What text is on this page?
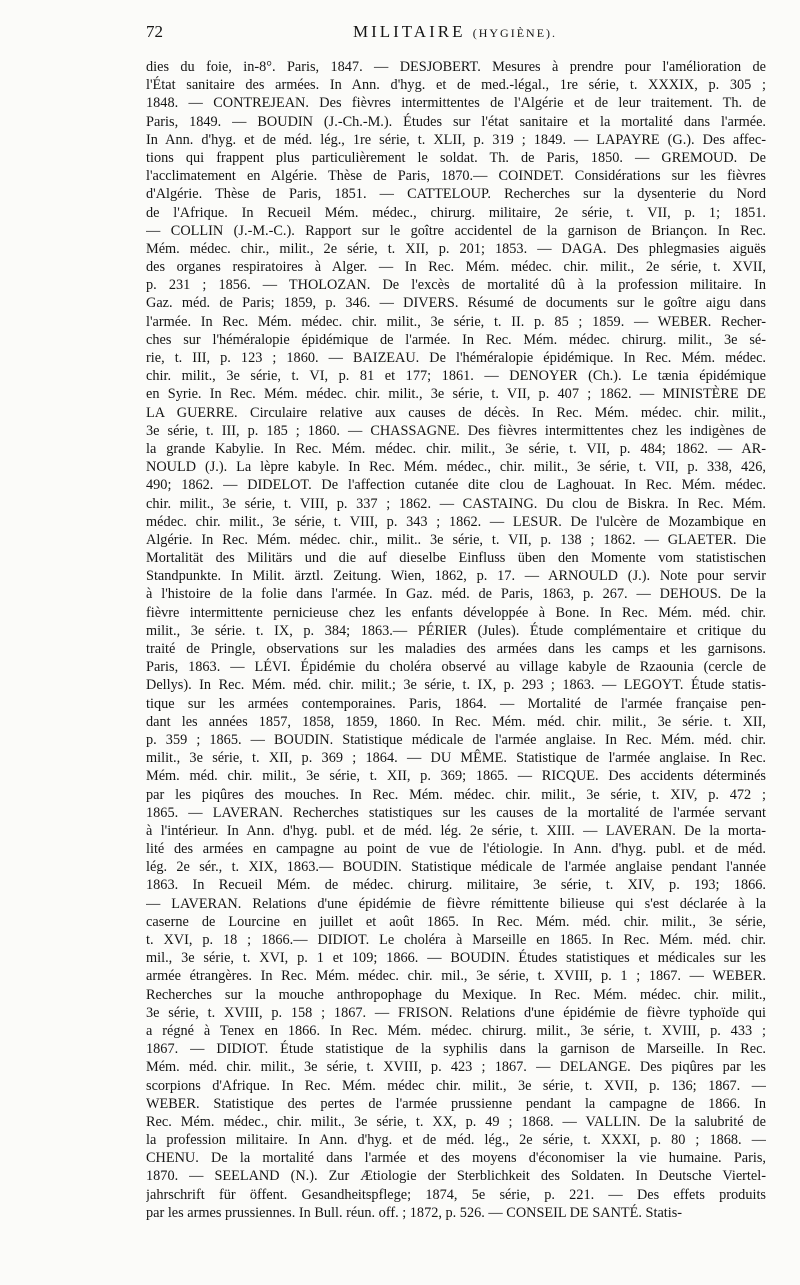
72	MILITAIRE (HYGIÈNE).
dies du foie, in-8°. Paris, 1847. — DESJOBERT. Mesures à prendre pour l'amélioration de
l'État sanitaire des armées. In Ann. d'hyg. et de med.-légal., 1re série, t. XXXIX, p. 305 ;
1848. — CONTREJEAN. Des fièvres intermittentes de l'Algérie et de leur traitement. Th. de
Paris, 1849. — BOUDIN (J.-Ch.-M.). Études sur l'état sanitaire et la mortalité dans l'armée.
In Ann. d'hyg. et de méd. lég., 1re série, t. XLII, p. 319 ; 1849. — LAPAYRE (G.). Des affec-
tions qui frappent plus particulièrement le soldat. Th. de Paris, 1850. — GREMOUD. De
l'acclimatement en Algérie. Thèse de Paris, 1870.— COINDET. Considérations sur les fièvres
d'Algérie. Thèse de Paris, 1851. — CATTELOUP. Recherches sur la dysenterie du Nord
de l'Afrique. In Recueil Mém. médec., chirurg. militaire, 2e série, t. VII, p. 1; 1851.
— COLLIN (J.-M.-C.). Rapport sur le goître accidentel de la garnison de Briançon. In Rec.
Mém. médec. chir., milit., 2e série, t. XII, p. 201; 1853. — DAGA. Des phlegmasies aiguës
des organes respiratoires à Alger. — In Rec. Mém. médec. chir. milit., 2e série, t. XVII,
p. 231 ; 1856. — THOLOZAN. De l'excès de mortalité dû à la profession militaire. In
Gaz. méd. de Paris; 1859, p. 346. — DIVERS. Résumé de documents sur le goître aigu dans
l'armée. In Rec. Mém. médec. chir. milit., 3e série, t. II. p. 85 ; 1859. — WEBER. Recher-
ches sur l'héméralopie épidémique de l'armée. In Rec. Mém. médec. chirurg. milit., 3e sé-
rie, t. III, p. 123 ; 1860. — BAIZEAU. De l'héméralopie épidémique. In Rec. Mém. médec.
chir. milit., 3e série, t. VI, p. 81 et 177; 1861. — DENOYER (Ch.). Le tænia épidémique
en Syrie. In Rec. Mém. médec. chir. milit., 3e série, t. VII, p. 407 ; 1862. — MINISTÈRE DE
LA GUERRE. Circulaire relative aux causes de décès. In Rec. Mém. médec. chir. milit.,
3e série, t. III, p. 185 ; 1860. — CHASSAGNE. Des fièvres intermittentes chez les indigènes de
la grande Kabylie. In Rec. Mém. médec. chir. milit., 3e série, t. VII, p. 484; 1862. — AR-
NOULD (J.). La lèpre kabyle. In Rec. Mém. médec., chir. milit., 3e série, t. VII, p. 338, 426,
490; 1862. — DIDELOT. De l'affection cutanée dite clou de Laghouat. In Rec. Mém. médec.
chir. milit., 3e série, t. VIII, p. 337 ; 1862. — CASTAING. Du clou de Biskra. In Rec. Mém.
médec. chir. milit., 3e série, t. VIII, p. 343 ; 1862. — LESUR. De l'ulcère de Mozambique en
Algérie. In Rec. Mém. médec. chir., milit.. 3e série, t. VII, p. 138 ; 1862. — GLAETER. Die
Mortalität des Militärs und die auf dieselbe Einfluss üben den Momente vom statistischen
Standpunkte. In Milit. ärztl. Zeitung. Wien, 1862, p. 17. — ARNOULD (J.). Note pour servir
à l'histoire de la folie dans l'armée. In Gaz. méd. de Paris, 1863, p. 267. — DEHOUS. De la
fièvre intermittente pernicieuse chez les enfants développée à Bone. In Rec. Mém. méd. chir.
milit., 3e série. t. IX, p. 384; 1863.— PÉRIER (Jules). Étude complémentaire et critique du
traité de Pringle, observations sur les maladies des armées dans les camps et les garnisons.
Paris, 1863. — LÉVI. Épidémie du choléra observé au village kabyle de Rzaounia (cercle de
Dellys). In Rec. Mém. méd. chir. milit.; 3e série, t. IX, p. 293 ; 1863. — LEGOYT. Étude statis-
tique sur les armées contemporaines. Paris, 1864. — Mortalité de l'armée française pen-
dant les années 1857, 1858, 1859, 1860. In Rec. Mém. méd. chir. milit., 3e série. t. XII,
p. 359 ; 1865. — BOUDIN. Statistique médicale de l'armée anglaise. In Rec. Mém. méd. chir.
milit., 3e série, t. XII, p. 369 ; 1864. — DU MÊME. Statistique de l'armée anglaise. In Rec.
Mém. méd. chir. milit., 3e série, t. XII, p. 369; 1865. — RICQUE. Des accidents déterminés
par les piqûres des mouches. In Rec. Mém. médec. chir. milit., 3e série, t. XIV, p. 472 ;
1865. — LAVERAN. Recherches statistiques sur les causes de la mortalité de l'armée servant
à l'intérieur. In Ann. d'hyg. publ. et de méd. lég. 2e série, t. XIII. — LAVERAN. De la morta-
lité des armées en campagne au point de vue de l'étiologie. In Ann. d'hyg. publ. et de méd.
lég. 2e sér., t. XIX, 1863.— BOUDIN. Statistique médicale de l'armée anglaise pendant l'année
1863. In Recueil Mém. de médec. chirurg. militaire, 3e série, t. XIV, p. 193; 1866.
— LAVERAN. Relations d'une épidémie de fièvre rémittente bilieuse qui s'est déclarée à la
caserne de Lourcine en juillet et août 1865. In Rec. Mém. méd. chir. milit., 3e série,
t. XVI, p. 18 ; 1866.— DIDIOT. Le choléra à Marseille en 1865. In Rec. Mém. méd. chir.
mil., 3e série, t. XVI, p. 1 et 109; 1866. — BOUDIN. Études statistiques et médicales sur les
armée étrangères. In Rec. Mém. médec. chir. mil., 3e série, t. XVIII, p. 1 ; 1867. — WEBER.
Recherches sur la mouche anthropophage du Mexique. In Rec. Mém. médec. chir. milit.,
3e série, t. XVIII, p. 158 ; 1867. — FRISON. Relations d'une épidémie de fièvre typhoïde qui
a régné à Tenex en 1866. In Rec. Mém. médec. chirurg. milit., 3e série, t. XVIII, p. 433 ;
1867. — DIDIOT. Étude statistique de la syphilis dans la garnison de Marseille. In Rec.
Mém. méd. chir. milit., 3e série, t. XVIII, p. 423 ; 1867. — DELANGE. Des piqûres par les
scorpions d'Afrique. In Rec. Mém. médec chir. milit., 3e série, t. XVII, p. 136; 1867. —
WEBER. Statistique des pertes de l'armée prussienne pendant la campagne de 1866. In
Rec. Mém. médec., chir. milit., 3e série, t. XX, p. 49 ; 1868. — VALLIN. De la salubrité de
la profession militaire. In Ann. d'hyg. et de méd. lég., 2e série, t. XXXI, p. 80 ; 1868. —
CHENU. De la mortalité dans l'armée et des moyens d'économiser la vie humaine. Paris,
1870. — SEELAND (N.). Zur Ætiologie der Sterblichkeit des Soldaten. In Deutsche Viertel-
jahrschrift für öffent. Gesandheitspflege; 1874, 5e série, p. 221. — Des effets produits
par les armes prussiennes. In Bull. réun. off. ; 1872, p. 526. — CONSEIL DE SANTÉ. Statis-
